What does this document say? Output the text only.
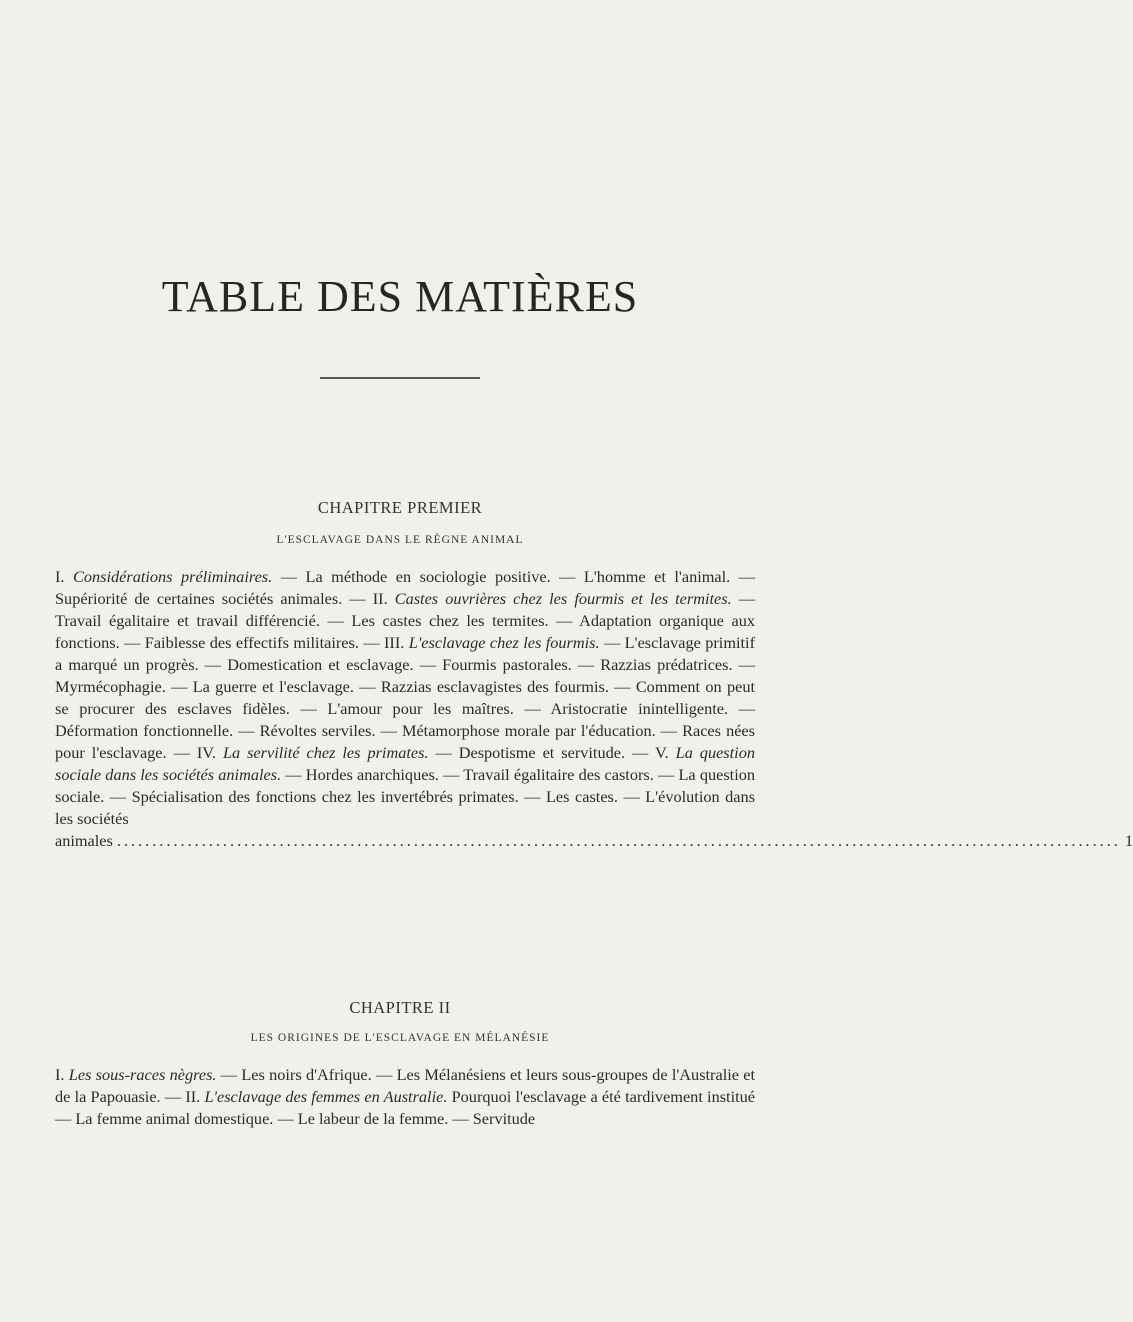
TABLE DES MATIÈRES
CHAPITRE PREMIER
L'ESCLAVAGE DANS LE RÈGNE ANIMAL
I. Considérations préliminaires. — La méthode en sociologie positive. — L'homme et l'animal. — Supériorité de certaines sociétés animales. — II. Castes ouvrières chez les fourmis et les termites. — Travail égalitaire et travail différencié. — Les castes chez les termites. — Adaptation organique aux fonctions. — Faiblesse des effectifs militaires. — III. L'esclavage chez les fourmis. — L'esclavage primitif a marqué un progrès. — Domestication et esclavage. — Fourmis pastorales. — Razzias prédatrices. — Myrmécophagie. — La guerre et l'esclavage. — Razzias esclavagistes des fourmis. — Comment on peut se procurer des esclaves fidèles. — L'amour pour les maîtres. — Aristocratie inintelligente. — Déformation fonctionnelle. — Révoltes serviles. — Métamorphose morale par l'éducation. — Races nées pour l'esclavage. — IV. La servilité chez les primates. — Despotisme et servitude. — V. La question sociale dans les sociétés animales. — Hordes anarchiques. — Travail égalitaire des castors. — La question sociale. — Spécialisation des fonctions chez les invertébrés primates. — Les castes. — L'évolution dans les sociétés
animales .............................................................................................................................................. 1
CHAPITRE II
LES ORIGINES DE L'ESCLAVAGE EN MÉLANÉSIE
I. Les sous-races nègres. — Les noirs d'Afrique. — Les Mélanésiens et leurs sous-groupes de l'Australie et de la Papouasie. — II. L'esclavage des femmes en Australie. Pourquoi l'esclavage a été tardivement institué — La femme animal domestique. — Le labeur de la femme. — Servitude
